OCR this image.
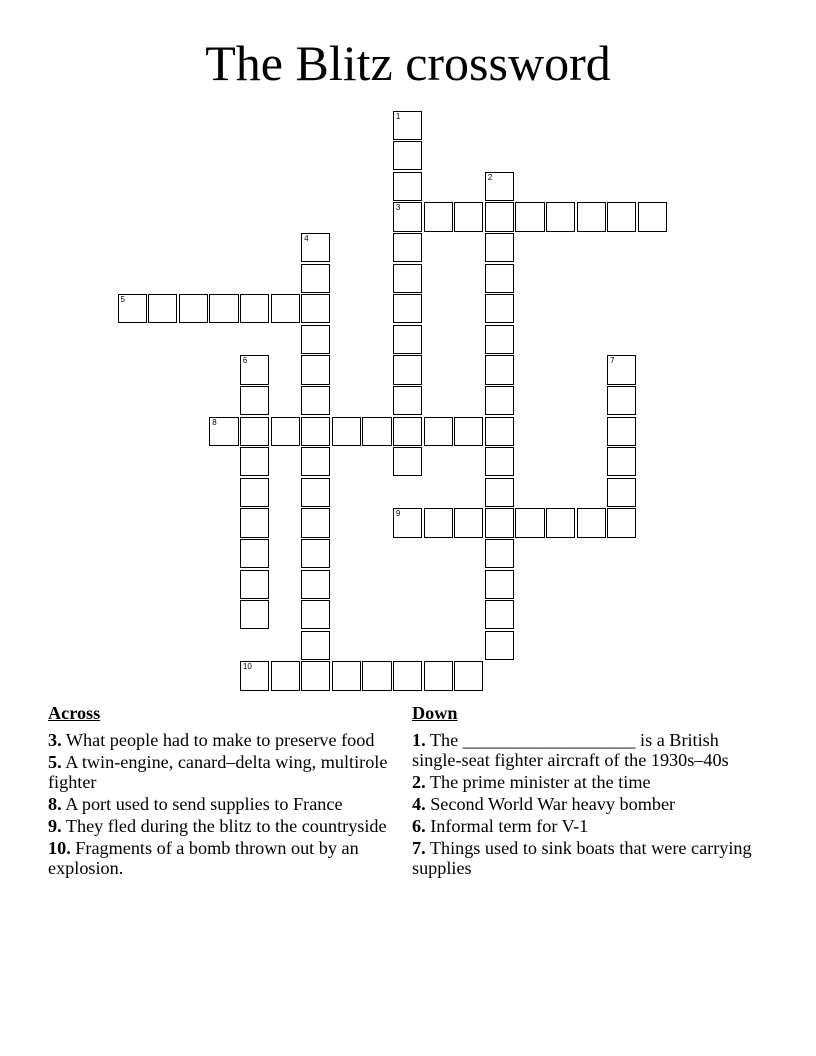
The Blitz crossword
1
3
2
4
5
6	7
8
9
10
Across
3. What people had to make to preserve food
5. A twin-engine, canard–delta wing, multirole fighter
8. A port used to send supplies to France
9. They fled during the blitz to the countryside
10. Fragments of a bomb thrown out by an explosion.
Down
1. The ___________________ is a British single-seat fighter aircraft of the 1930s–40s
2. The prime minister at the time
4. Second World War heavy bomber
6. Informal term for V-1
7. Things used to sink boats that were carrying supplies
